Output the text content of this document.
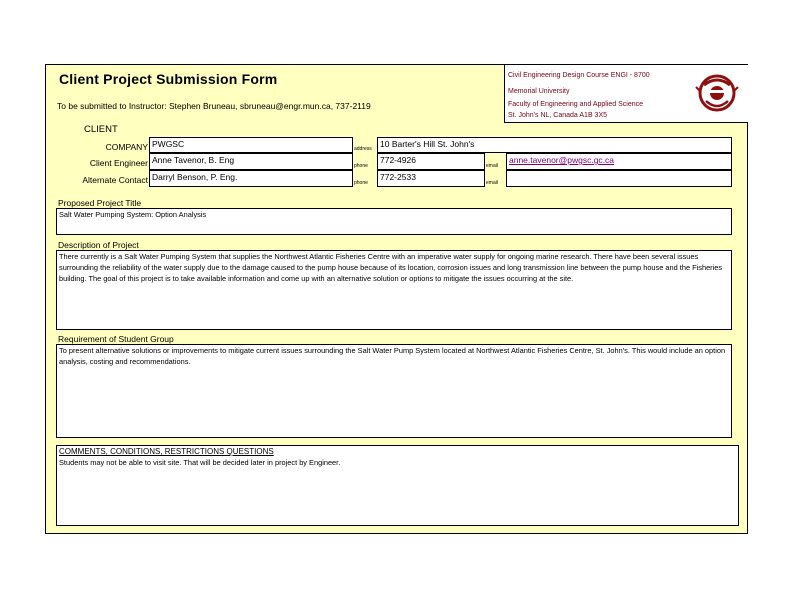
Client Project Submission Form
To be submitted to Instructor: Stephen Bruneau, sbruneau@engr.mun.ca, 737-2119
Civil Engineering Design Course ENGI - 8700
Memorial University
Faculty of Engineering and Applied Science
St. John's NL, Canada A1B 3X5
CLIENT
COMPANY PWGSC	address 10 Barter's Hill St. John's
Client Engineer Anne Tavenor, B. Eng
phone
772-4926
email
anne.tavenor@pwgsc.gc.ca
Alternate Contact Darryl Benson, P. Eng.
phone
772-2533
email
Proposed Project Title
Salt Water Pumping System: Option Analysis
Description of Project
There currently is a Salt Water Pumping System that supplies the Northwest Atlantic Fisheries Centre with an imperative water supply for ongoing marine research. There have been several issues surrounding the reliability of the water supply due to the damage caused to the pump house because of its location, corrosion issues and long transmission line between the pump house and the Fisheries building. The goal of this project is to take available information and come up with an alternative solution or options to mitigate the issues occurring at the site.
Requirement of Student Group
To present alternative solutions or improvements to mitigate current issues surrounding the Salt Water Pump System located at Northwest Atlantic Fisheries Centre, St. John's. This would include an option analysis, costing and recommendations.
COMMENTS, CONDITIONS, RESTRICTIONS QUESTIONS
Students may not be able to visit site. That will be decided later in project by Engineer.
